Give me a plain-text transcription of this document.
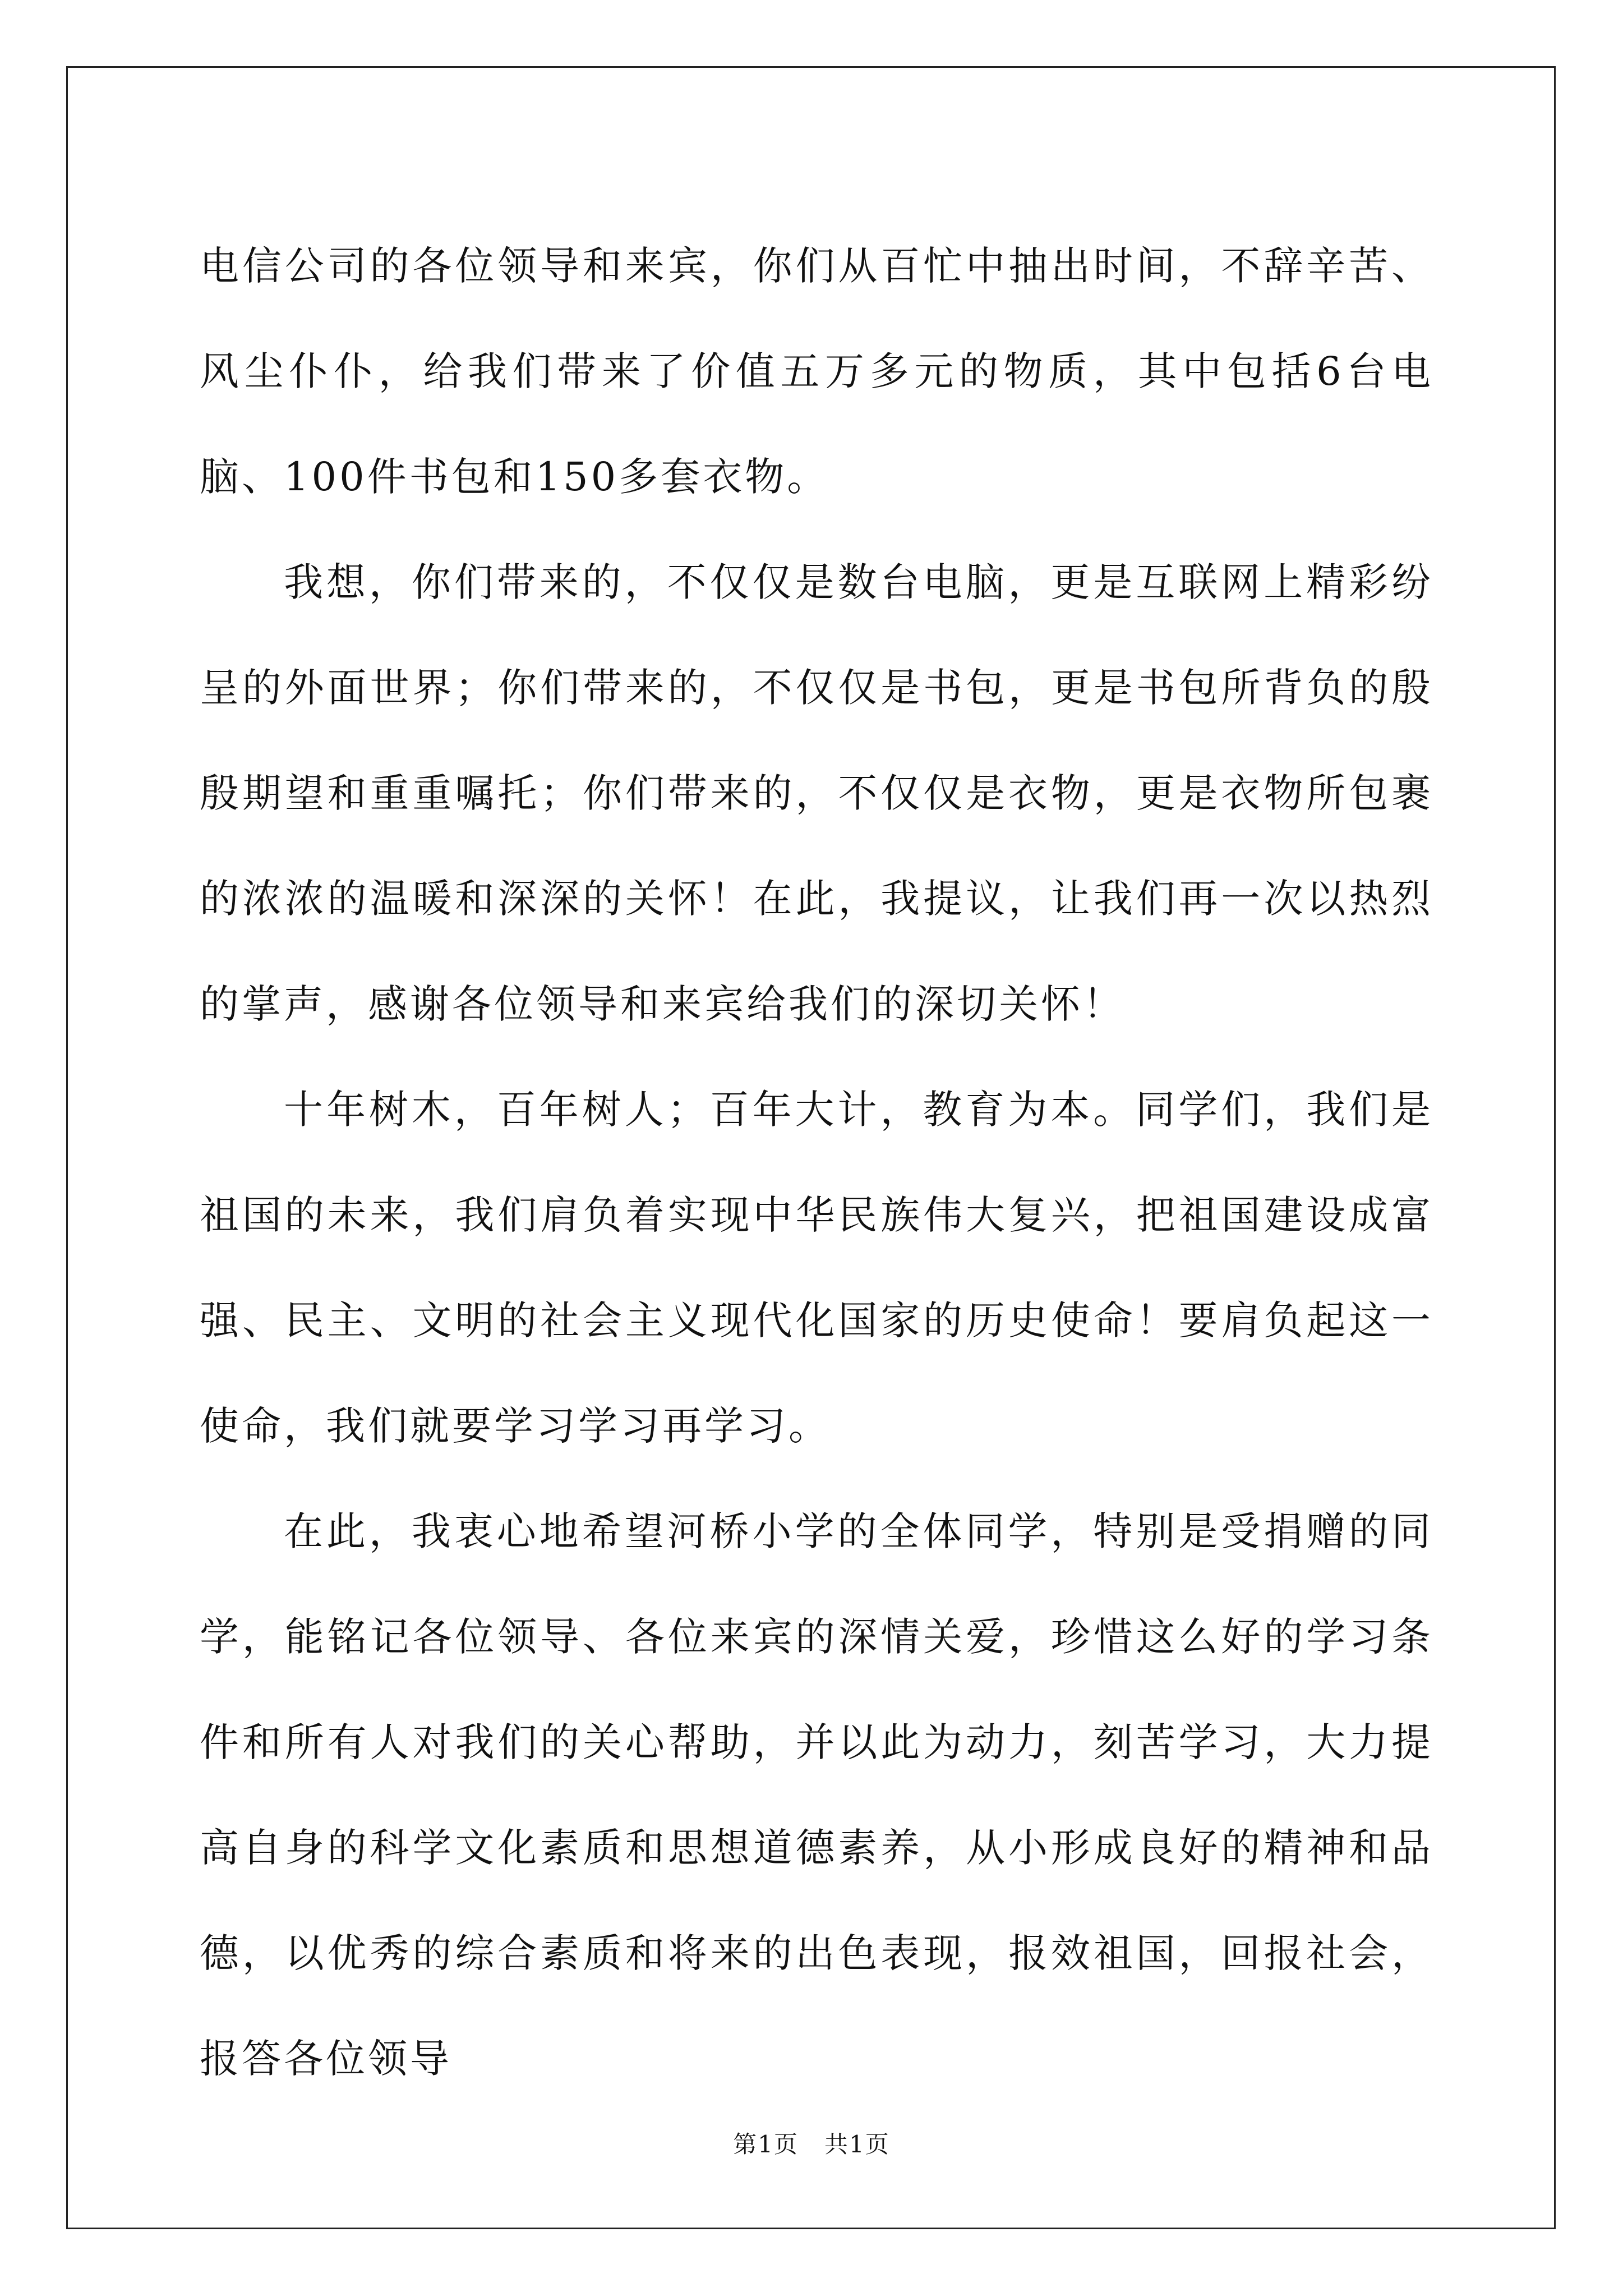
电信公司的各位领导和来宾，你们从百忙中抽出时间，不辞辛苦、风尘仆仆，给我们带来了价值五万多元的物质，其中包括6台电脑、100件书包和150多套衣物。

我想，你们带来的，不仅仅是数台电脑，更是互联网上精彩纷呈的外面世界；你们带来的，不仅仅是书包，更是书包所背负的殷殷期望和重重嘱托；你们带来的，不仅仅是衣物，更是衣物所包裹的浓浓的温暖和深深的关怀！在此，我提议，让我们再一次以热烈的掌声，感谢各位领导和来宾给我们的深切关怀！

十年树木，百年树人；百年大计，教育为本。同学们，我们是祖国的未来，我们肩负着实现中华民族伟大复兴，把祖国建设成富强、民主、文明的社会主义现代化国家的历史使命！要肩负起这一使命，我们就要学习学习再学习。

在此，我衷心地希望河桥小学的全体同学，特别是受捐赠的同学，能铭记各位领导、各位来宾的深情关爱，珍惜这么好的学习条件和所有人对我们的关心帮助，并以此为动力，刻苦学习，大力提高自身的科学文化素质和思想道德素养，从小形成良好的精神和品德，以优秀的综合素质和将来的出色表现，报效祖国，回报社会，报答各位领导

第1页 共1页
